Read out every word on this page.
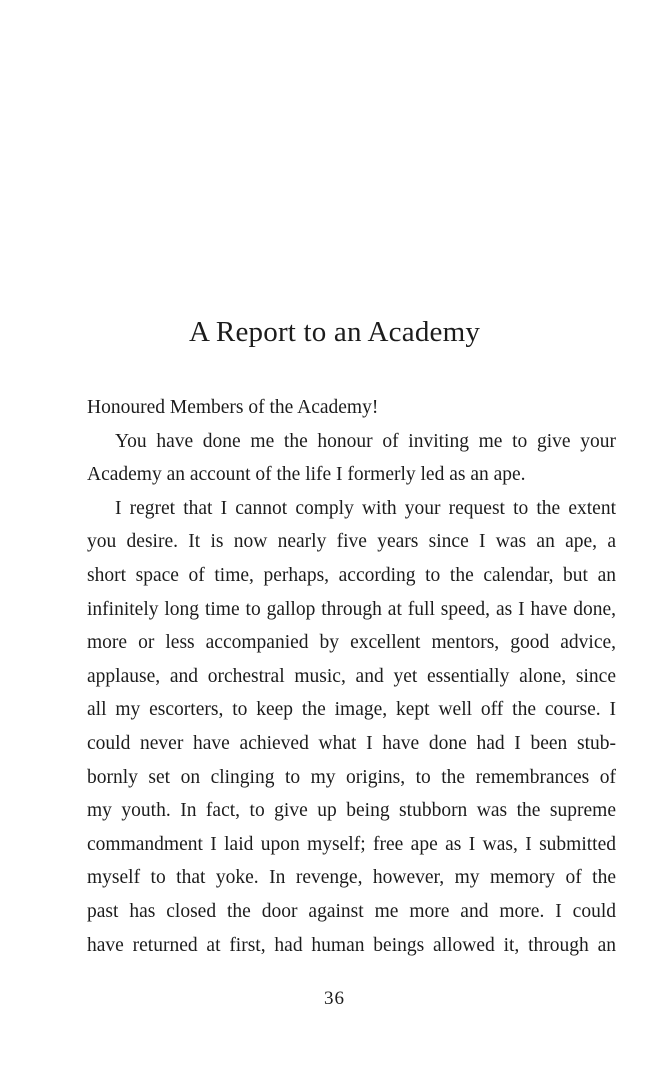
A Report to an Academy
Honoured Members of the Academy!
You have done me the honour of inviting me to give your
Academy an account of the life I formerly led as an ape.
I regret that I cannot comply with your request to the extent
you desire. It is now nearly five years since I was an ape, a
short space of time, perhaps, according to the calendar, but an
infinitely long time to gallop through at full speed, as I have done,
more or less accompanied by excellent mentors, good advice,
applause, and orchestral music, and yet essentially alone, since
all my escorters, to keep the image, kept well off the course. I
could never have achieved what I have done had I been stub-
bornly set on clinging to my origins, to the remembrances of
my youth. In fact, to give up being stubborn was the supreme
commandment I laid upon myself; free ape as I was, I submitted
myself to that yoke. In revenge, however, my memory of the
past has closed the door against me more and more. I could
have returned at first, had human beings allowed it, through an
36
